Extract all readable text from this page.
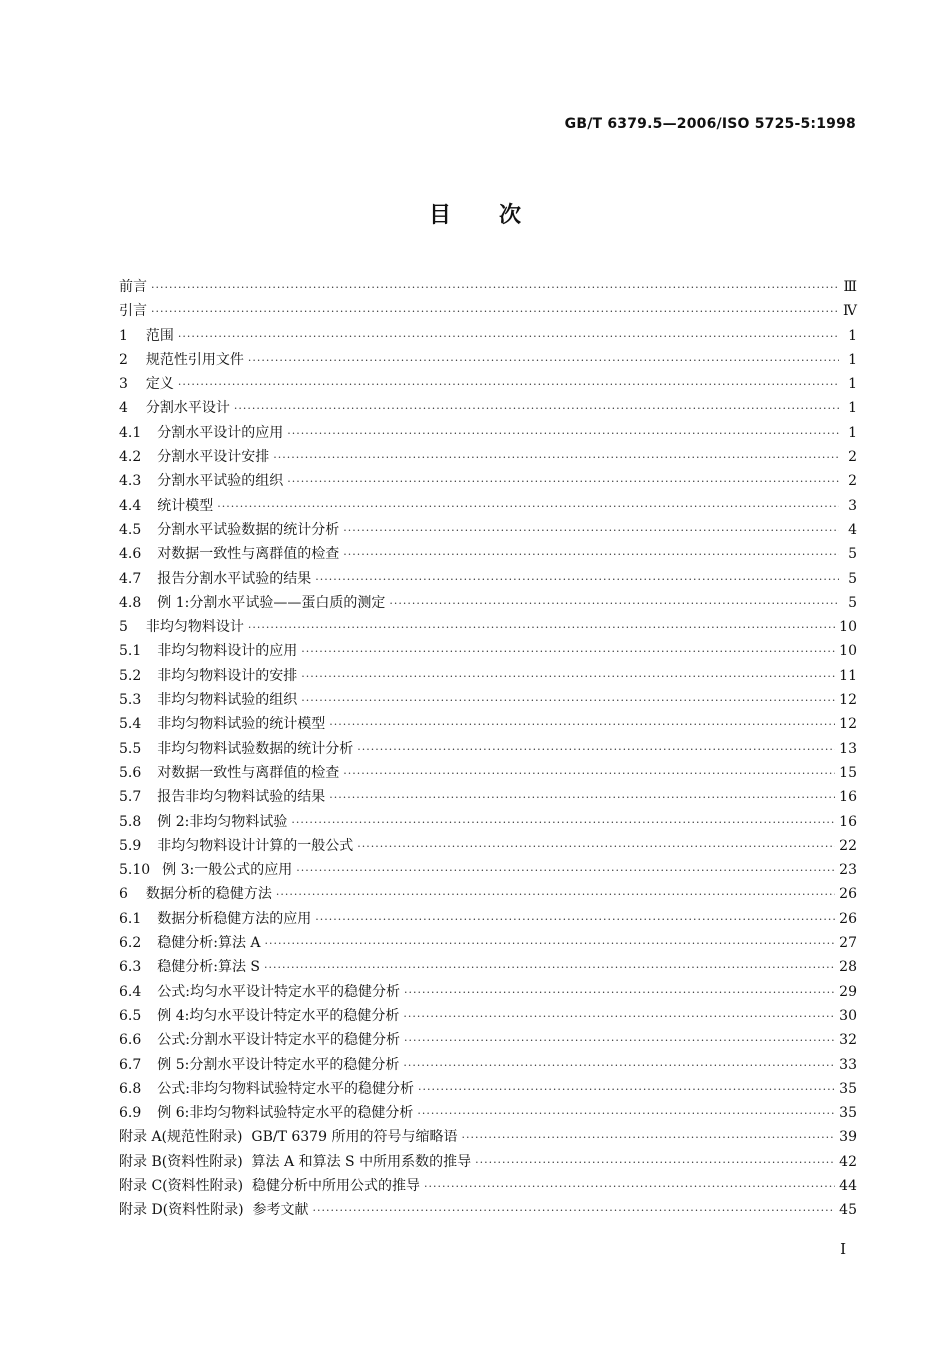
GB/T 6379.5—2006/ISO 5725-5:1998
目 次
前言 ·····	Ⅲ
引言 ·····	Ⅳ
1 范围 ·····	1
2 规范性引用文件 ·····	1
3 定义 ·····	1
4 分割水平设计 ·····	1
4.1 分割水平设计的应用 ·····	1
4.2 分割水平设计安排 ·····	2
4.3 分割水平试验的组织 ·····	2
4.4 统计模型 ·····	3
4.5 分割水平试验数据的统计分析 ·····	4
4.6 对数据一致性与离群值的检查 ·····	5
4.7 报告分割水平试验的结果 ·····	5
4.8 例 1:分割水平试验——蛋白质的测定 ·····	5
5 非均匀物料设计 ·····	10
5.1 非均匀物料设计的应用 ·····	10
5.2 非均匀物料设计的安排 ·····	11
5.3 非均匀物料试验的组织 ·····	12
5.4 非均匀物料试验的统计模型 ·····	12
5.5 非均匀物料试验数据的统计分析 ·····	13
5.6 对数据一致性与离群值的检查 ·····	15
5.7 报告非均匀物料试验的结果 ·····	16
5.8 例 2:非均匀物料试验 ·····	16
5.9 非均匀物料设计计算的一般公式 ·····	22
5.10 例 3:一般公式的应用 ·····	23
6 数据分析的稳健方法 ·····	26
6.1 数据分析稳健方法的应用 ·····	26
6.2 稳健分析:算法 A ·····	27
6.3 稳健分析:算法 S ·····	28
6.4 公式:均匀水平设计特定水平的稳健分析 ·····	29
6.5 例 4:均匀水平设计特定水平的稳健分析 ·····	30
6.6 公式:分割水平设计特定水平的稳健分析 ·····	32
6.7 例 5:分割水平设计特定水平的稳健分析 ·····	33
6.8 公式:非均匀物料试验特定水平的稳健分析 ·····	35
6.9 例 6:非均匀物料试验特定水平的稳健分析 ·····	35
附录 A(规范性附录)  GB/T 6379 所用的符号与缩略语 ·····	39
附录 B(资料性附录)  算法 A 和算法 S 中所用系数的推导 ·····	42
附录 C(资料性附录)  稳健分析中所用公式的推导 ·····	44
附录 D(资料性附录)  参考文献 ·····	45
I
